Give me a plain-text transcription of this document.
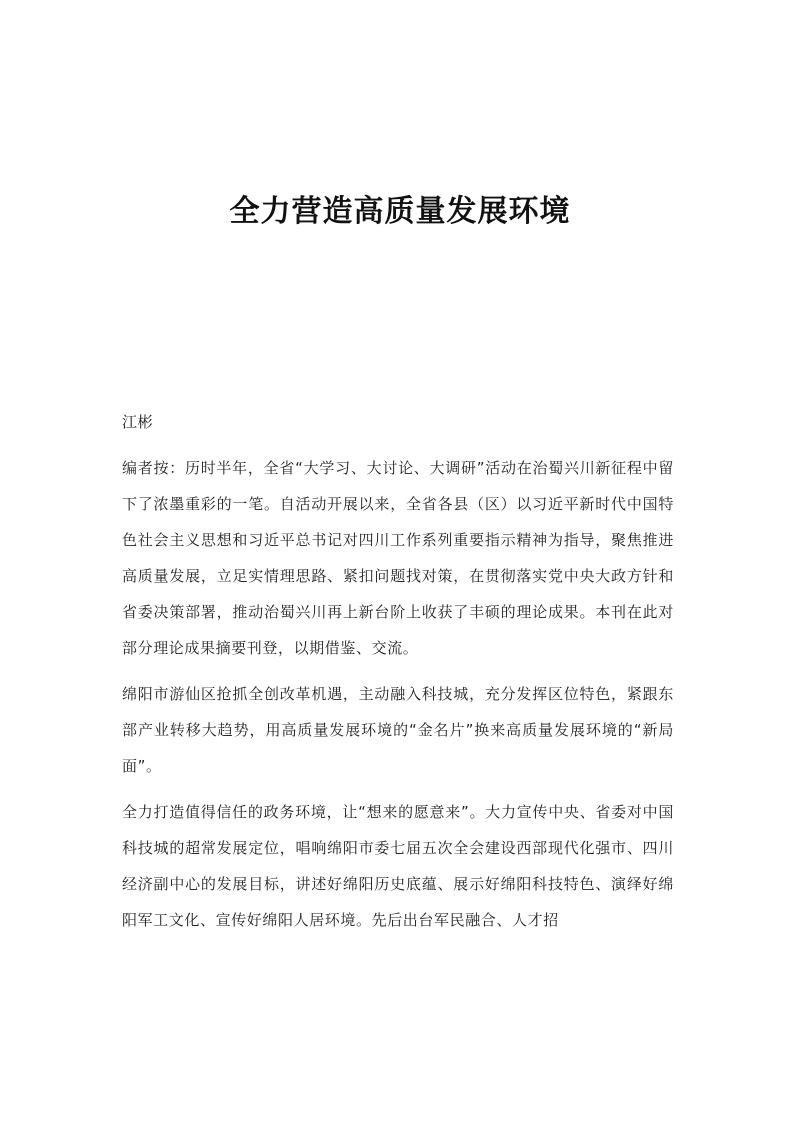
全力营造高质量发展环境

江彬

编者按：历时半年，全省“大学习、大讨论、大调研”活动在治蜀兴川新征程中留下了浓墨重彩的一笔。自活动开展以来，全省各县（区）以习近平新时代中国特色社会主义思想和习近平总书记对四川工作系列重要指示精神为指导，聚焦推进高质量发展，立足实情理思路、紧扣问题找对策，在贯彻落实党中央大政方针和省委决策部署，推动治蜀兴川再上新台阶上收获了丰硕的理论成果。本刊在此对部分理论成果摘要刊登，以期借鉴、交流。

绵阳市游仙区抢抓全创改革机遇，主动融入科技城，充分发挥区位特色，紧跟东部产业转移大趋势，用高质量发展环境的“金名片”换来高质量发展环境的“新局面”。

全力打造值得信任的政务环境，让“想来的愿意来”。大力宣传中央、省委对中国科技城的超常发展定位，唱响绵阳市委七届五次全会建设西部现代化强市、四川经济副中心的发展目标，讲述好绵阳历史底蕴、展示好绵阳科技特色、演绎好绵阳军工文化、宣传好绵阳人居环境。先后出台军民融合、人才招
